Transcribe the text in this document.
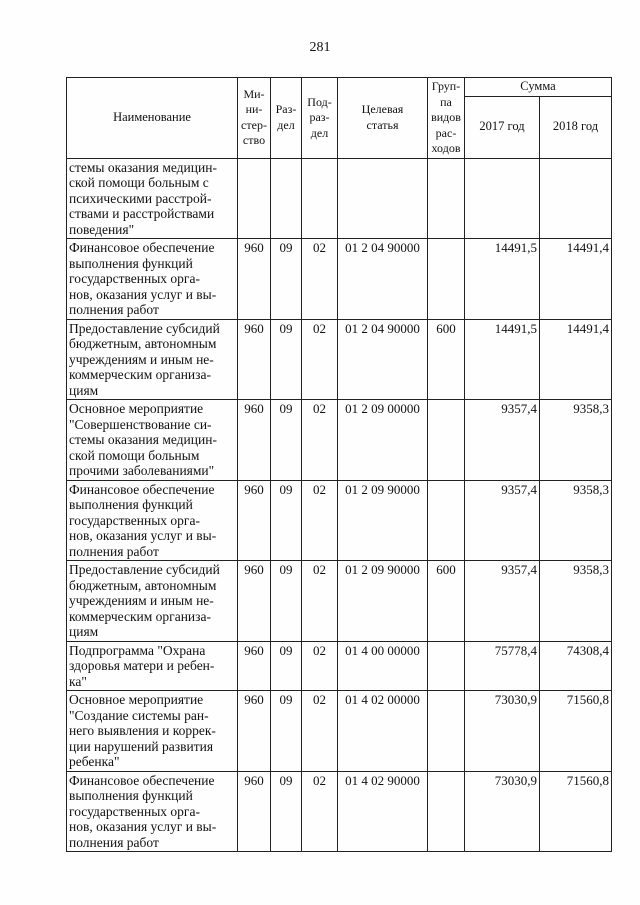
281
Наименование	Ми-
ни-
стер-
ство	Раз-
дел	Под-
раз-
дел	Целевая
статья	Груп-
па
видов
рас-
ходов	Сумма	
						2017 год	2018 год
стемы оказания медицин-
ской помощи больным с
психическими расстрой-
ствами и расстройствами
поведения"							
Финансовое обеспечение
выполнения функций
государственных орга-
нов, оказания услуг и вы-
полнения работ	960	09	02	01 2 04 90000		14491,5	14491,4
Предоставление субсидий
бюджетным, автономным
учреждениям и иным не-
коммерческим организа-
циям	960	09	02	01 2 04 90000	600	14491,5	14491,4
Основное мероприятие
"Совершенствование си-
стемы оказания медицин-
ской помощи больным
прочими заболеваниями"	960	09	02	01 2 09 00000		9357,4	9358,3
Финансовое обеспечение
выполнения функций
государственных орга-
нов, оказания услуг и вы-
полнения работ	960	09	02	01 2 09 90000		9357,4	9358,3
Предоставление субсидий
бюджетным, автономным
учреждениям и иным не-
коммерческим организа-
циям	960	09	02	01 2 09 90000	600	9357,4	9358,3
Подпрограмма "Охрана
здоровья матери и ребен-
ка"	960	09	02	01 4 00 00000		75778,4	74308,4
Основное мероприятие
"Создание системы ран-
него выявления и коррек-
ции нарушений развития
ребенка"	960	09	02	01 4 02 00000		73030,9	71560,8
Финансовое обеспечение
выполнения функций
государственных орга-
нов, оказания услуг и вы-
полнения работ	960	09	02	01 4 02 90000		73030,9	71560,8
